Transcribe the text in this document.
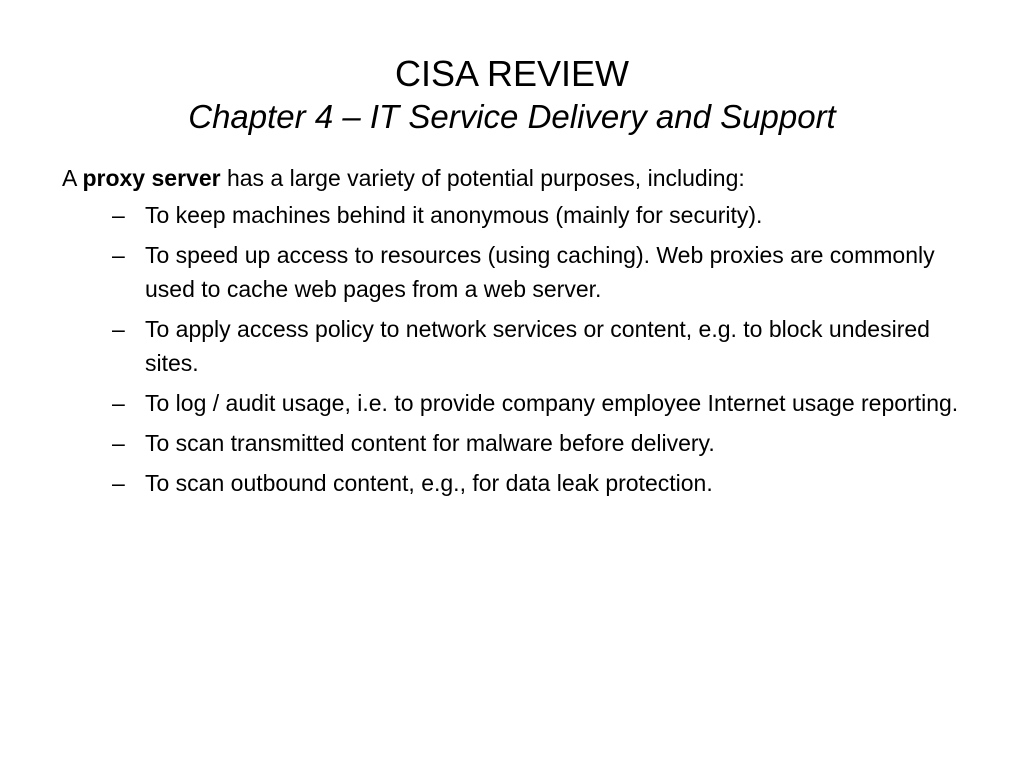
CISA REVIEW
Chapter 4 – IT Service Delivery and Support

A proxy server has a large variety of potential purposes, including:

– To keep machines behind it anonymous (mainly for security).
– To speed up access to resources (using caching). Web proxies are commonly used to cache web pages from a web server.
– To apply access policy to network services or content, e.g. to block undesired sites.
– To log / audit usage, i.e. to provide company employee Internet usage reporting.
– To scan transmitted content for malware before delivery.
– To scan outbound content, e.g., for data leak protection.
